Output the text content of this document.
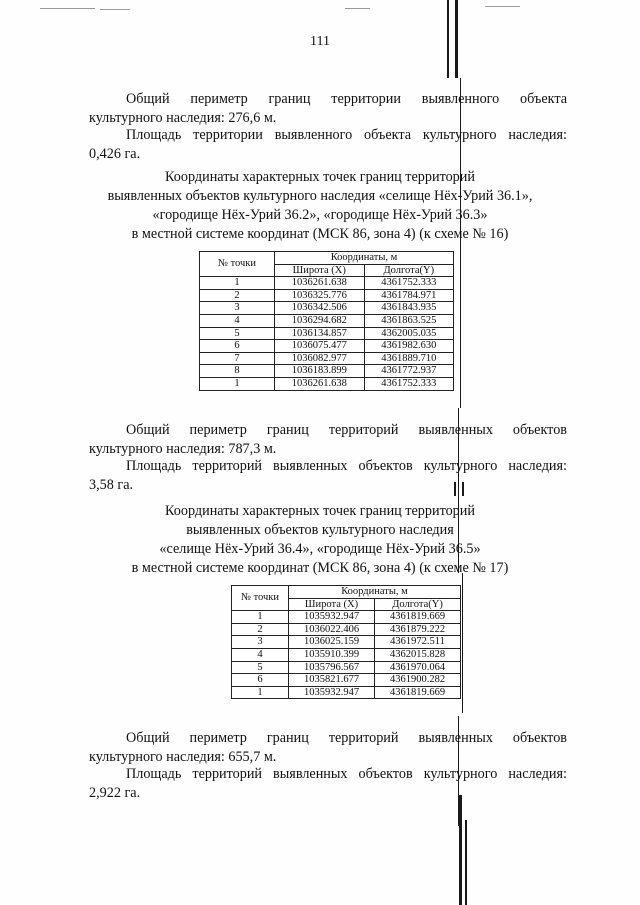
111

Общий периметр границ территории выявленного объекта

культурного наследия: 276,6 м.

Площадь территории выявленного объекта культурного наследия:

0,426 га.

Координаты характерных точек границ территорий
выявленных объектов культурного наследия «селище Нёх-Урий 36.1»,
«городище Нёх-Урий 36.2», «городище Нёх-Урий 36.3»
в местной системе координат (МСК 86, зона 4) (к схеме № 16)
№ точки	Координаты, м	
	Широта (X)	Долгота(Y)
1	1036261.638	4361752.333
2	1036325.776	4361784.971
3	1036342.506	4361843.935
4	1036294.682	4361863.525
5	1036134.857	4362005.035
6	1036075.477	4361982.630
7	1036082.977	4361889.710
8	1036183.899	4361772.937
1	1036261.638	4361752.333

Общий периметр границ территорий выявленных объектов

культурного наследия: 787,3 м.

Площадь территорий выявленных объектов культурного наследия:

3,58 га.

Координаты характерных точек границ территорий
выявленных объектов культурного наследия
«селище Нёх-Урий 36.4», «городище Нёх-Урий 36.5»
в местной системе координат (МСК 86, зона 4) (к схеме № 17)
№ точки	Координаты, м	
	Широта (X)	Долгота(Y)
1	1035932.947	4361819.669
2	1036022.406	4361879.222
3	1036025.159	4361972.511
4	1035910.399	4362015.828
5	1035796.567	4361970.064
6	1035821.677	4361900.282
1	1035932.947	4361819.669

Общий периметр границ территорий выявленных объектов

культурного наследия: 655,7 м.

Площадь территорий выявленных объектов культурного наследия:

2,922 га.
